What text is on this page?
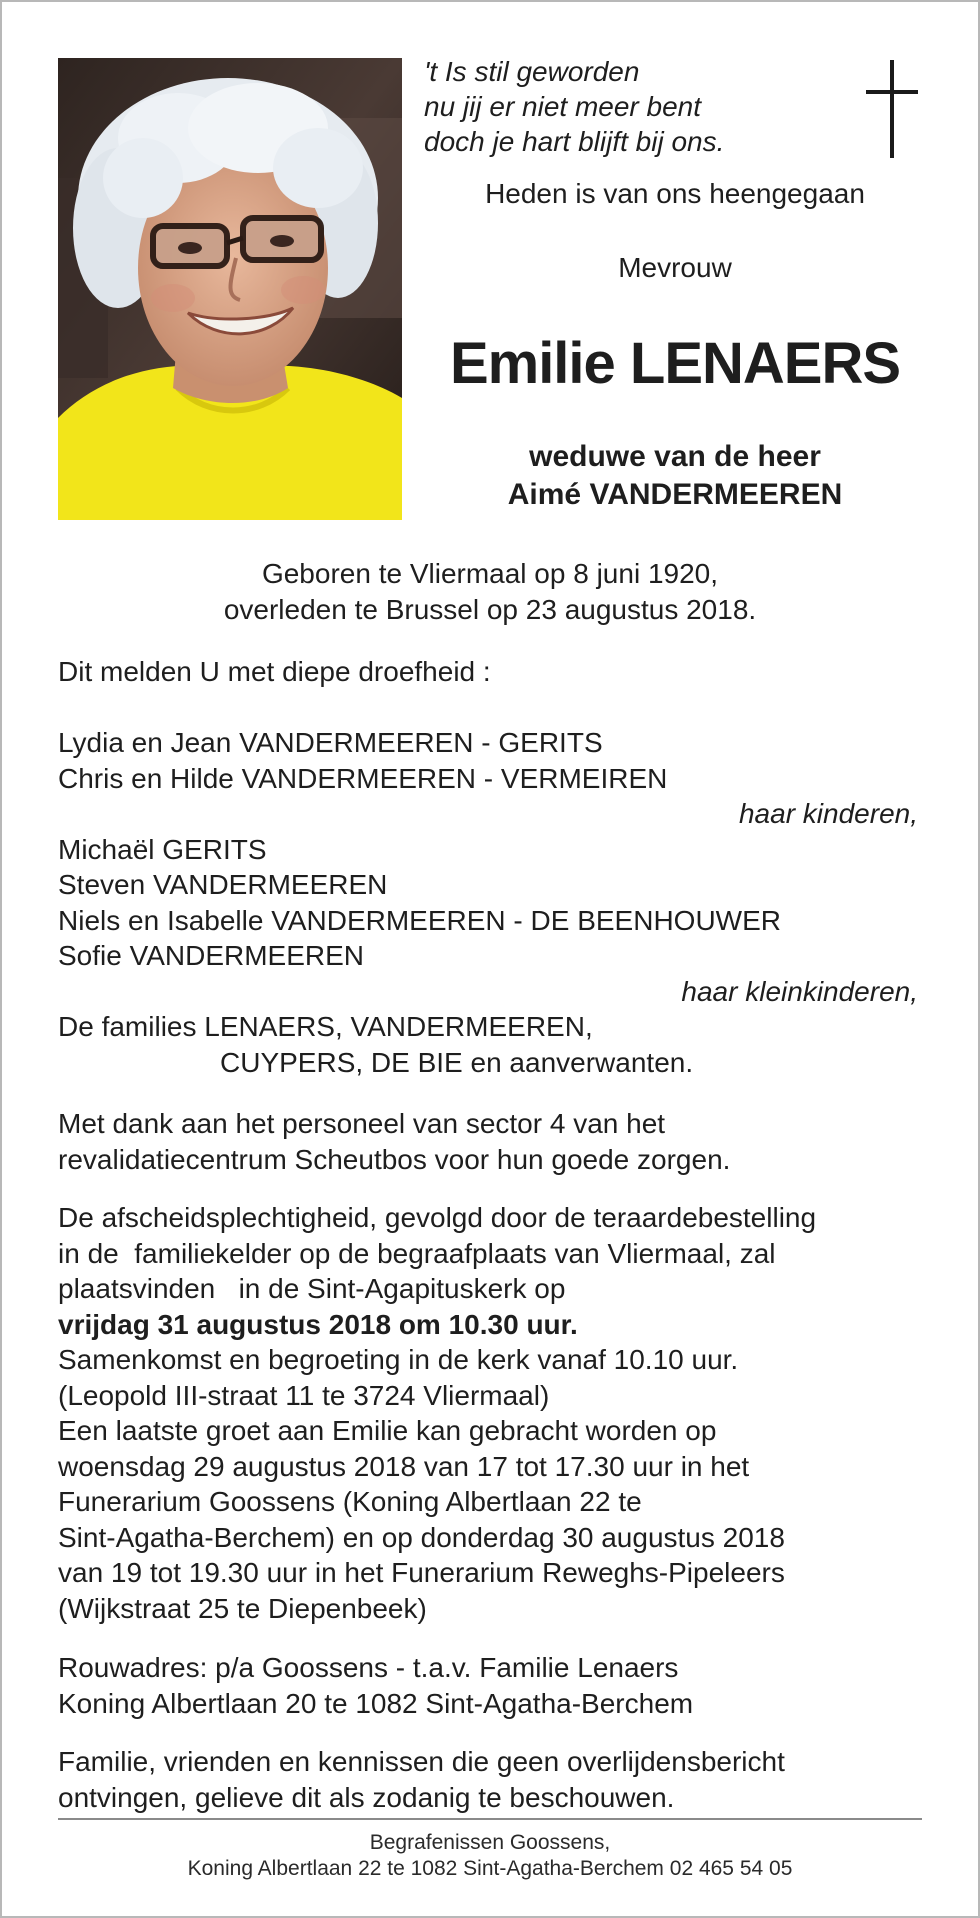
't Is stil geworden
nu jij er niet meer bent
doch je hart blijft bij ons.
Heden is van ons heengegaan
Mevrouw
Emilie LENAERS
weduwe van de heer
Aimé VANDERMEEREN
Geboren te Vliermaal op 8 juni 1920,
overleden te Brussel op 23 augustus 2018.
Dit melden U met diepe droefheid :
Lydia en Jean VANDERMEEREN - GERITS
Chris en Hilde VANDERMEEREN - VERMEIREN
haar kinderen,
Michaël GERITS
Steven VANDERMEEREN
Niels en Isabelle VANDERMEEREN - DE BEENHOUWER
Sofie VANDERMEEREN
haar kleinkinderen,
De families LENAERS, VANDERMEEREN,
CUYPERS, DE BIE en aanverwanten.
Met dank aan het personeel van sector 4 van het
revalidatiecentrum Scheutbos voor hun goede zorgen.
De afscheidsplechtigheid, gevolgd door de teraardebestelling
in de  familiekelder op de begraafplaats van Vliermaal, zal
plaatsvinden   in de Sint-Agapituskerk op
vrijdag 31 augustus 2018 om 10.30 uur.
Samenkomst en begroeting in de kerk vanaf 10.10 uur.
(Leopold III-straat 11 te 3724 Vliermaal)
Een laatste groet aan Emilie kan gebracht worden op
woensdag 29 augustus 2018 van 17 tot 17.30 uur in het
Funerarium Goossens (Koning Albertlaan 22 te
Sint-Agatha-Berchem) en op donderdag 30 augustus 2018
van 19 tot 19.30 uur in het Funerarium Reweghs-Pipeleers
(Wijkstraat 25 te Diepenbeek)
Rouwadres: p/a Goossens - t.a.v. Familie Lenaers
Koning Albertlaan 20 te 1082 Sint-Agatha-Berchem
Familie, vrienden en kennissen die geen overlijdensbericht
ontvingen, gelieve dit als zodanig te beschouwen.
Begrafenissen Goossens,
Koning Albertlaan 22 te 1082 Sint-Agatha-Berchem 02 465 54 05
